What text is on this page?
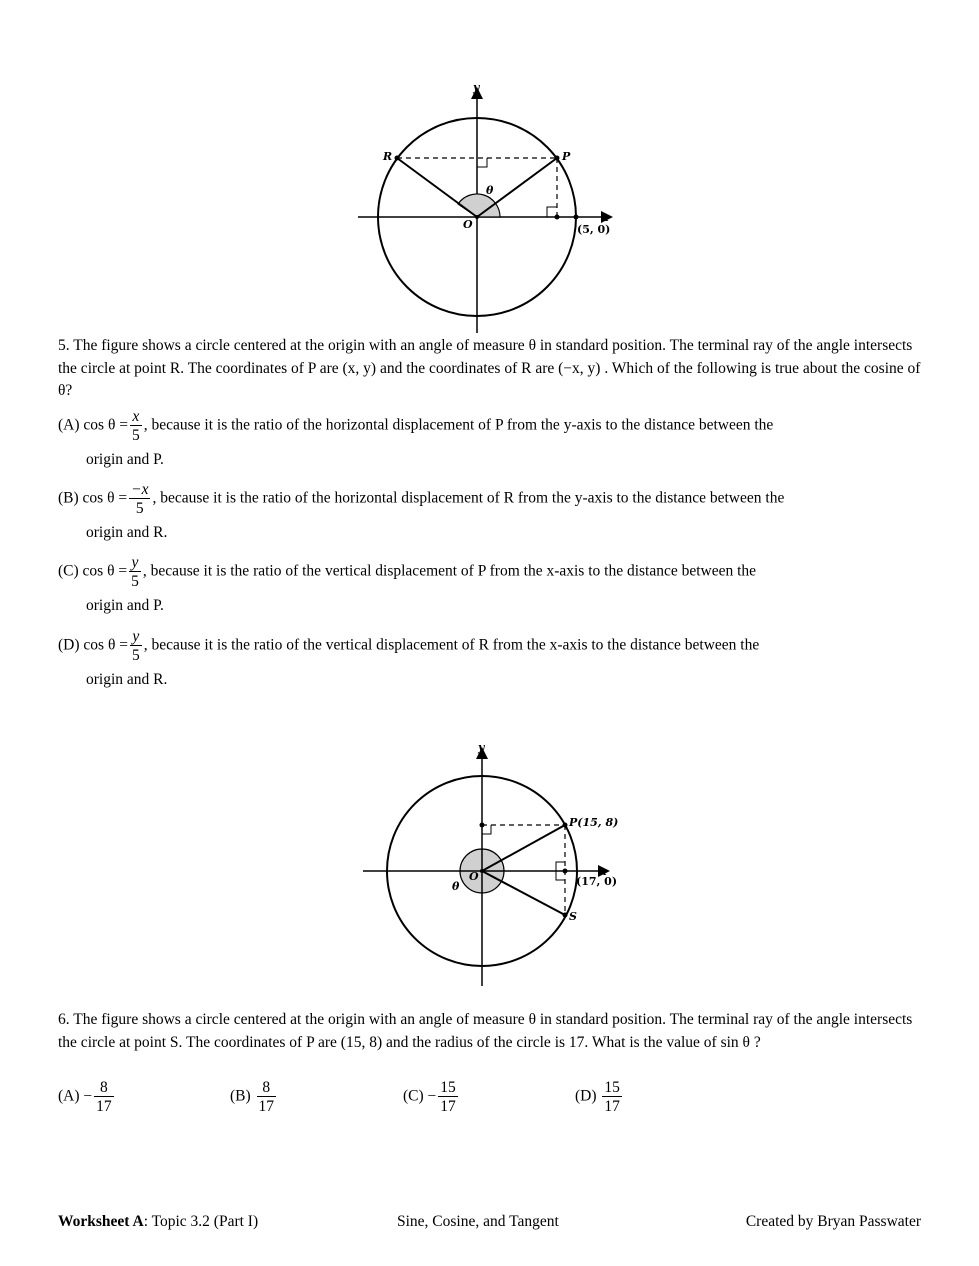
y
x
R	P
O
θ
(5, 0)
5. The figure shows a circle centered at the origin with an angle of measure θ in standard position. The terminal ray of the angle intersects the circle at point R. The coordinates of P are (x, y) and the coordinates of R are (−x, y) . Which of the following is true about the cosine of θ?
(A) $\cos \theta = \frac{x}{5}$ , because it is the ratio of the horizontal displacement of P from the y-axis to the distance between the
origin and P.
(B) $\cos \theta = \frac{-x}{5}$ , because it is the ratio of the horizontal displacement of R from the y-axis to the distance between the
origin and R.
(C) $\cos \theta = \frac{y}{5}$ , because it is the ratio of the vertical displacement of P from the x-axis to the distance between the
origin and P.
(D) $\cos \theta = \frac{y}{5}$ , because it is the ratio of the vertical displacement of R from the x-axis to the distance between the
origin and R.
y
x
P(15, 8)
S
O
θ	(17, 0)
6. The figure shows a circle centered at the origin with an angle of measure θ in standard position. The terminal ray of the angle intersects the circle at point S. The coordinates of P are (15, 8) and the radius of the circle is 17. What is the value of sin θ ?
$(A) - \frac{8}{17}$	$(B) \frac{8}{17}$	$(C) - \frac{15}{17}$	$(D) \frac{15}{17}$
Worksheet A: Topic 3.2 (Part I)	Sine, Cosine, and Tangent	Created by Bryan Passwater
